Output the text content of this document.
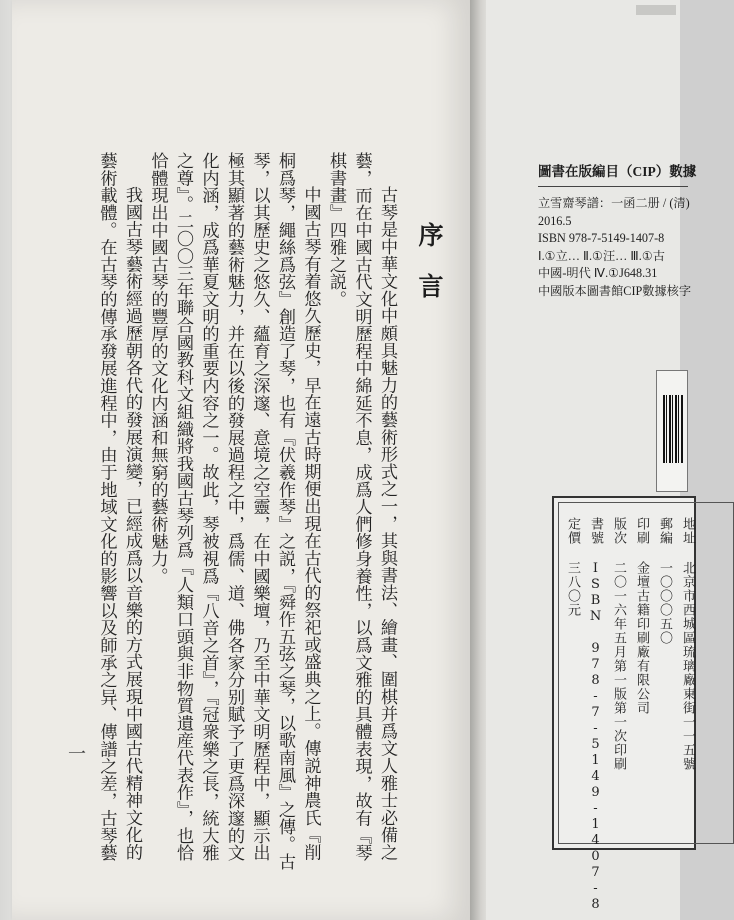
序言

古琴是中華文化中頗具魅力的藝術形式之一，其與書法、繪畫、圍棋并爲文人雅士必備之藝，而在中國古代文明歷程中綿延不息，成爲人們修身養性，以爲文雅的具體表現，故有『琴棋書畫』四雅之説。

中國古琴有着悠久歷史，早在遠古時期便出現在古代的祭祀或盛典之上。傳説神農氏『削桐爲琴，繩絲爲弦』創造了琴，也有『伏羲作琴』之説，『舜作五弦之琴，以歌南風』之傳。古琴，以其歷史之悠久、蘊育之深邃、意境之空靈，在中國樂壇，乃至中華文明歷程中，顯示出極其顯著的藝術魅力，并在以後的發展過程之中，爲儒、道、佛各家分别賦予了更爲深邃的文化内涵，成爲華夏文明的重要内容之一。故此，琴被視爲『八音之首』，『冠衆樂之長，統大雅之尊』。二〇〇三年聯合國教科文組織將我國古琴列爲『人類口頭與非物質遺産代表作』，也恰恰體現出中國古琴的豐厚的文化内涵和無窮的藝術魅力。

我國古琴藝術經過歷朝各代的發展演變，已經成爲以音樂的方式展現中國古代精神文化的藝術載體。在古琴的傳承發展進程中，由于地域文化的影響以及師承之异、傳譜之差，古琴藝

一
圖書在版編目（CIP）數據
立雪齋琴譜：一函二册 / (清)
2016.5
ISBN 978-7-5149-1407-8
Ⅰ.①立… Ⅱ.①汪… Ⅲ.①古
中國-明代 Ⅳ.①J648.31
中國版本圖書館CIP數據核字
定價 三八〇元 書號 ISBN 978-7-5149-1407-8 版次 二〇一六年五月第一版第一次印刷 印刷 金壇古籍印刷廠有限公司 郵編 一〇〇〇五〇 地址 北京市西城區琉璃廠東街一一五號
